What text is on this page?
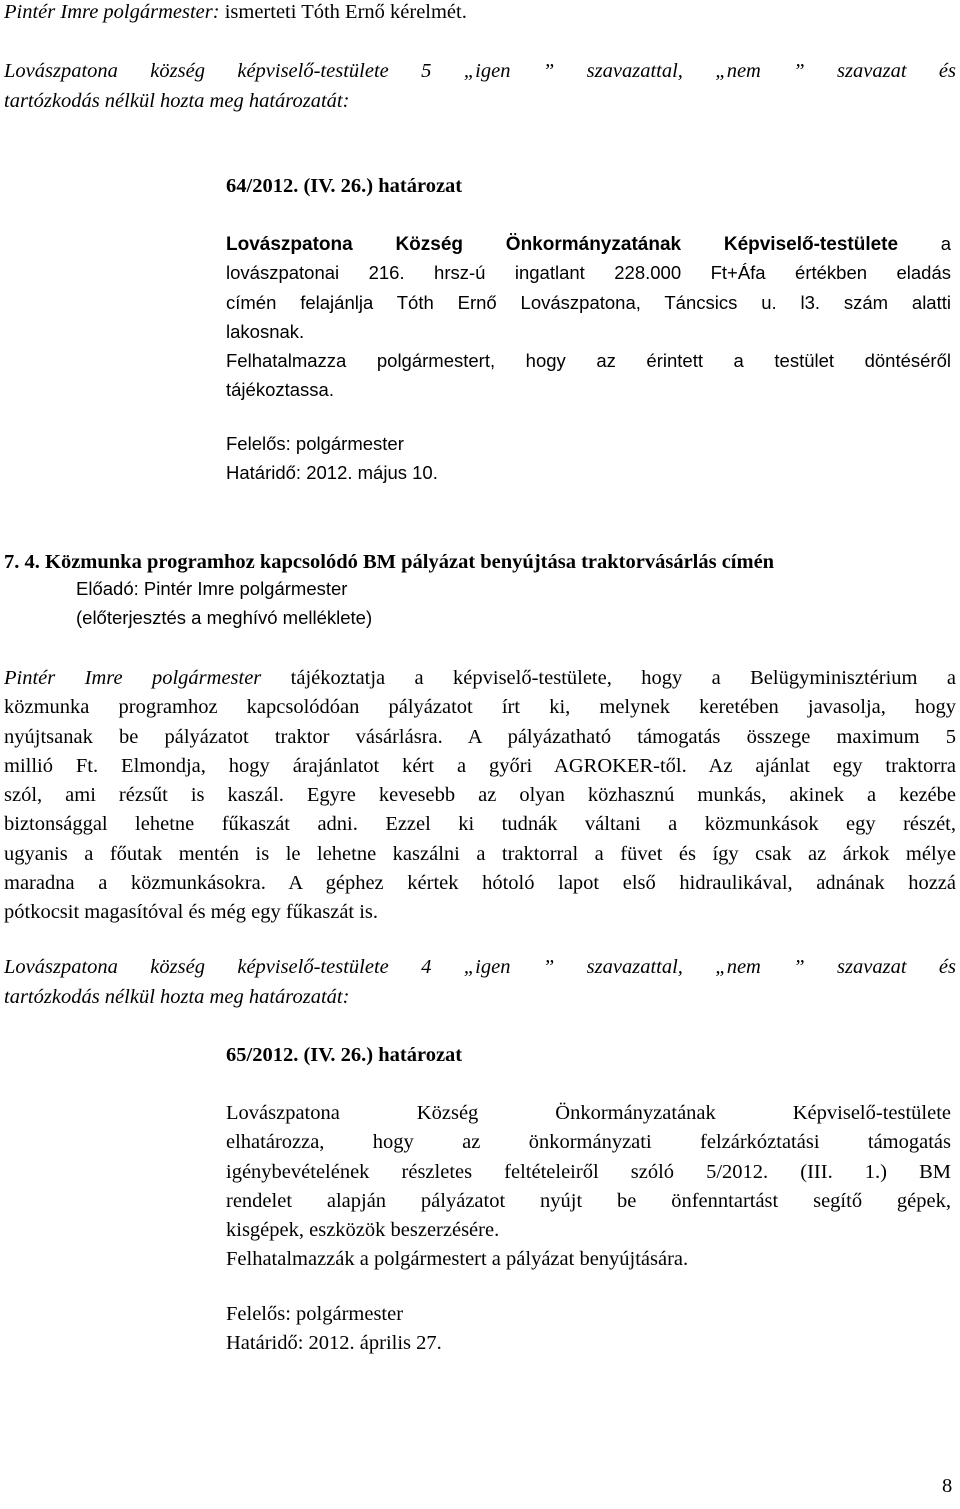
Pintér Imre polgármester: ismerteti Tóth Ernő kérelmét.
Lovászpatona község képviselő-testülete 5 „igen ” szavazattal, „nem ” szavazat és
tartózkodás nélkül hozta meg határozatát:
64/2012. (IV. 26.) határozat
Lovászpatona Község Önkormányzatának Képviselő-testülete a
lovászpatonai 216. hrsz-ú ingatlant 228.000 Ft+Áfa értékben eladás
címén felajánlja Tóth Ernő Lovászpatona, Táncsics u. l3. szám alatti
lakosnak.
Felhatalmazza polgármestert, hogy az érintett a testület döntéséről
tájékoztassa.
Felelős: polgármester
Határidő: 2012. május 10.
7. 4. Közmunka programhoz kapcsolódó BM pályázat benyújtása traktorvásárlás címén
Előadó: Pintér Imre polgármester
(előterjesztés a meghívó melléklete)
Pintér Imre polgármester tájékoztatja a képviselő-testülete, hogy a Belügyminisztérium a
közmunka programhoz kapcsolódóan pályázatot írt ki, melynek keretében javasolja, hogy
nyújtsanak be pályázatot traktor vásárlásra. A pályázatható támogatás összege maximum 5
millió Ft. Elmondja, hogy árajánlatot kért a győri AGROKER-től. Az ajánlat egy traktorra
szól, ami rézsűt is kaszál. Egyre kevesebb az olyan közhasznú munkás, akinek a kezébe
biztonsággal lehetne fűkaszát adni. Ezzel ki tudnák váltani a közmunkások egy részét,
ugyanis a főutak mentén is le lehetne kaszálni a traktorral a füvet és így csak az árkok mélye
maradna a közmunkásokra. A géphez kértek hótoló lapot első hidraulikával, adnának hozzá
pótkocsit magasítóval és még egy fűkaszát is.
Lovászpatona község képviselő-testülete 4 „igen ” szavazattal, „nem ” szavazat és
tartózkodás nélkül hozta meg határozatát:
65/2012. (IV. 26.) határozat
Lovászpatona Község Önkormányzatának Képviselő-testülete
elhatározza, hogy az önkormányzati felzárkóztatási támogatás
igénybevételének részletes feltételeiről szóló 5/2012. (III. 1.) BM
rendelet alapján pályázatot nyújt be önfenntartást segítő gépek,
kisgépek, eszközök beszerzésére.
Felhatalmazzák a polgármestert a pályázat benyújtására.
Felelős: polgármester
Határidő: 2012. április 27.
8
